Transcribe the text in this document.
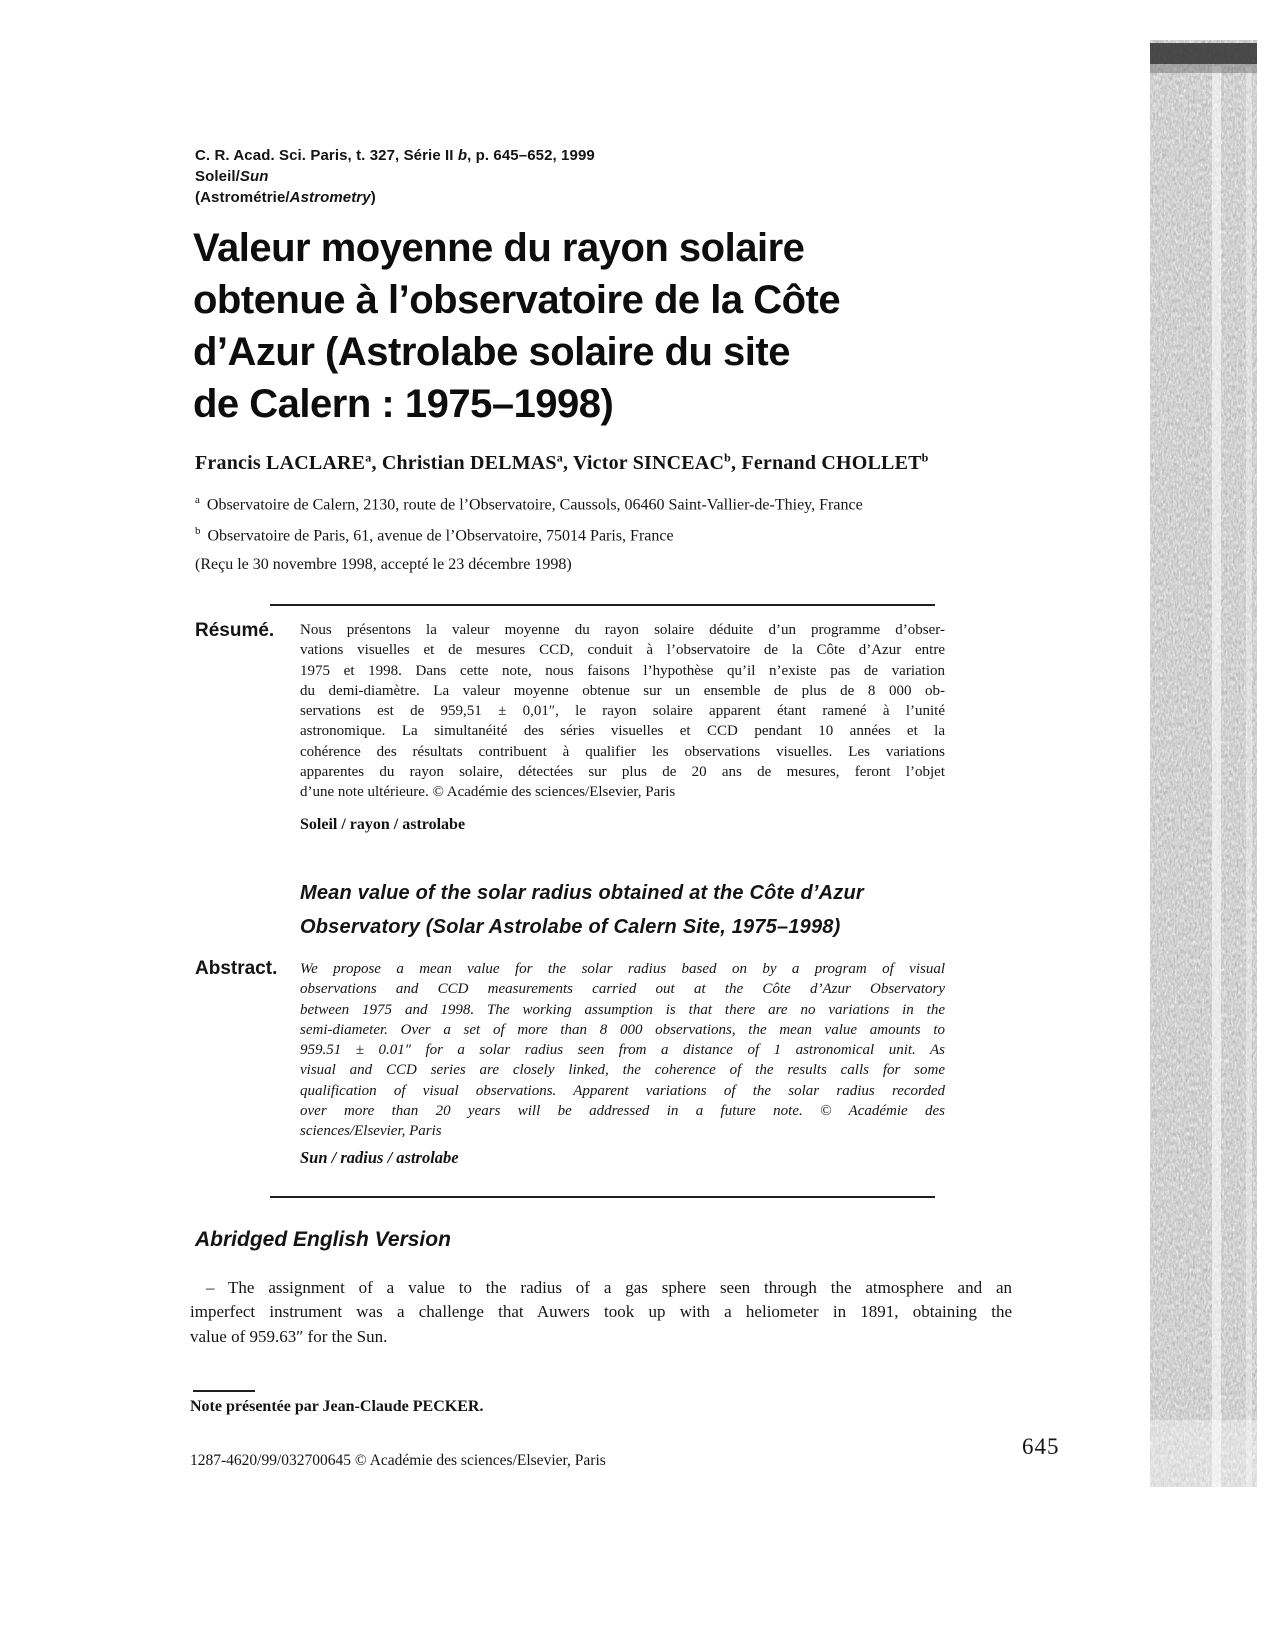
C. R. Acad. Sci. Paris, t. 327, Série II b, p. 645–652, 1999
Soleil/Sun
(Astrométrie/Astrometry)
Valeur moyenne du rayon solaire
obtenue à l’observatoire de la Côte
d’Azur (Astrolabe solaire du site
de Calern : 1975–1998)
Francis LACLARE$^a$, Christian DELMAS$^a$, Victor SINCEAC$^b$, Fernand CHOLLET$^b$
$^a$ Observatoire de Calern, 2130, route de l’Observatoire, Caussols, 06460 Saint-Vallier-de-Thiey, France
$^b$ Observatoire de Paris, 61, avenue de l’Observatoire, 75014 Paris, France
(Reçu le 30 novembre 1998, accepté le 23 décembre 1998)
Résumé. Nous présentons la valeur moyenne du rayon solaire déduite d’un programme d’obser-
vations visuelles et de mesures CCD, conduit à l’observatoire de la Côte d’Azur entre
1975 et 1998. Dans cette note, nous faisons l’hypothèse qu’il n’existe pas de variation
du demi-diamètre. La valeur moyenne obtenue sur un ensemble de plus de 8 000 ob-
servations est de 959,51 ± 0,01″, le rayon solaire apparent étant ramené à l’unité
astronomique. La simultanéité des séries visuelles et CCD pendant 10 années et la
cohérence des résultats contribuent à qualifier les observations visuelles. Les variations
apparentes du rayon solaire, détectées sur plus de 20 ans de mesures, feront l’objet
d’une note ultérieure. © Académie des sciences/Elsevier, Paris
Soleil / rayon / astrolabe
Mean value of the solar radius obtained at the Côte d’Azur
Observatory (Solar Astrolabe of Calern Site, 1975–1998)
Abstract. We propose a mean value for the solar radius based on by a program of visual
observations and CCD measurements carried out at the Côte d’Azur Observatory
between 1975 and 1998. The working assumption is that there are no variations in the
semi-diameter. Over a set of more than 8 000 observations, the mean value amounts to
959.51 ± 0.01″ for a solar radius seen from a distance of 1 astronomical unit. As
visual and CCD series are closely linked, the coherence of the results calls for some
qualification of visual observations. Apparent variations of the solar radius recorded
over more than 20 years will be addressed in a future note. © Académie des
sciences/Elsevier, Paris
Sun / radius / astrolabe
Abridged English Version
– The assignment of a value to the radius of a gas sphere seen through the atmosphere and an
imperfect instrument was a challenge that Auwers took up with a heliometer in 1891, obtaining the
value of 959.63″ for the Sun.
Note présentée par Jean-Claude PECKER.
1287-4620/99/032700645 © Académie des sciences/Elsevier, Paris
645
